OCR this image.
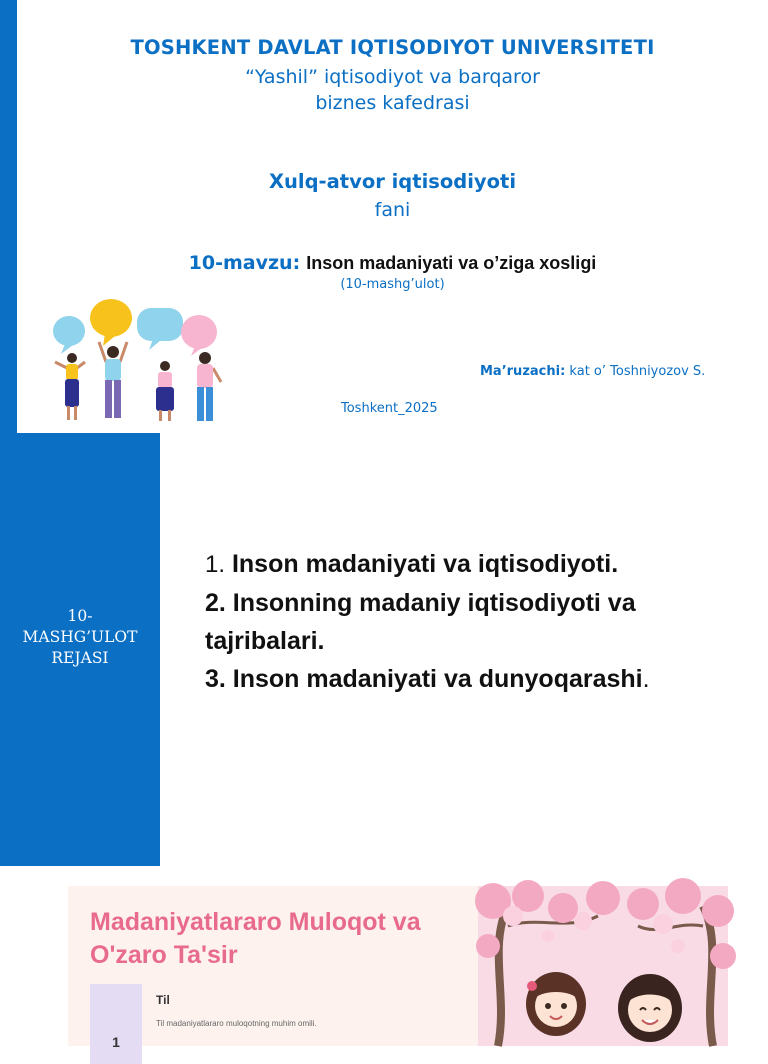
TOSHKENT DAVLAT IQTISODIYOT UNIVERSITETI
“Yashil” iqtisodiyot va barqaror
biznes kafedrasi
Xulq-atvor iqtisodiyoti
fani
10-mavzu: Inson madaniyati va o’ziga xosligi
(10-mashg’ulot)
Ma’ruzachi: kat o’ Toshniyozov S.
Toshkent_2025
10-
MASHG’ULOT
REJASI
1. Inson madaniyati va iqtisodiyoti.
2. Insonning madaniy iqtisodiyoti va tajribalari.
3. Inson madaniyati va dunyoqarashi.
Madaniyatlararo Muloqot va O'zaro Ta'sir
1
Til
Til madaniyatlararo muloqotning muhim omili.
